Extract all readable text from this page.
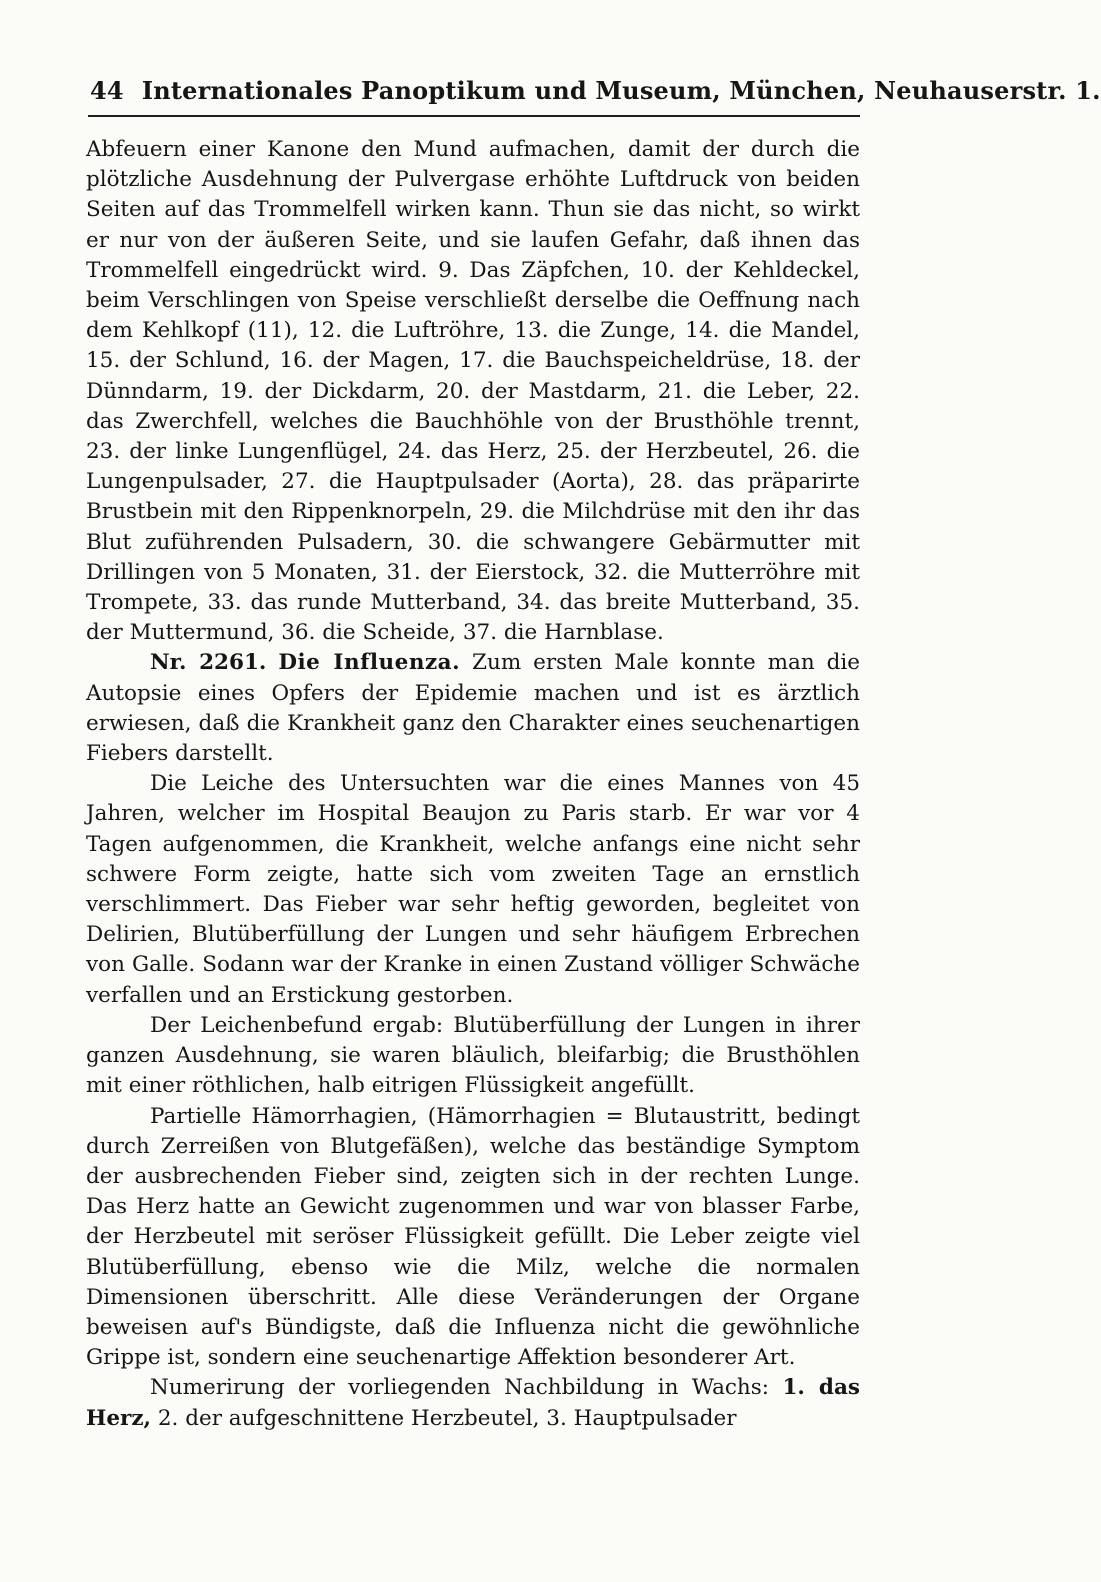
44 Internationales Panoptikum und Museum, München, Neuhauserstr. 1.

Abfeuern einer Kanone den Mund aufmachen, damit der durch die plötzliche Ausdehnung der Pulvergase erhöhte Luftdruck von beiden Seiten auf das Trommelfell wirken kann. Thun sie das nicht, so wirkt er nur von der äußeren Seite, und sie laufen Gefahr, daß ihnen das Trommelfell eingedrückt wird. 9. Das Zäpfchen, 10. der Kehldeckel, beim Verschlingen von Speise verschließt derselbe die Oeffnung nach dem Kehlkopf (11), 12. die Luftröhre, 13. die Zunge, 14. die Mandel, 15. der Schlund, 16. der Magen, 17. die Bauchspeicheldrüse, 18. der Dünndarm, 19. der Dickdarm, 20. der Mastdarm, 21. die Leber, 22. das Zwerchfell, welches die Bauchhöhle von der Brusthöhle trennt, 23. der linke Lungenflügel, 24. das Herz, 25. der Herzbeutel, 26. die Lungenpulsader, 27. die Hauptpulsader (Aorta), 28. das präparirte Brustbein mit den Rippenknorpeln, 29. die Milchdrüse mit den ihr das Blut zuführenden Pulsadern, 30. die schwangere Gebärmutter mit Drillingen von 5 Monaten, 31. der Eierstock, 32. die Mutterröhre mit Trompete, 33. das runde Mutterband, 34. das breite Mutterband, 35. der Muttermund, 36. die Scheide, 37. die Harnblase.

Nr. 2261. Die Influenza. Zum ersten Male konnte man die Autopsie eines Opfers der Epidemie machen und ist es ärztlich erwiesen, daß die Krankheit ganz den Charakter eines seuchenartigen Fiebers darstellt.

Die Leiche des Untersuchten war die eines Mannes von 45 Jahren, welcher im Hospital Beaujon zu Paris starb. Er war vor 4 Tagen aufgenommen, die Krankheit, welche anfangs eine nicht sehr schwere Form zeigte, hatte sich vom zweiten Tage an ernstlich verschlimmert. Das Fieber war sehr heftig geworden, begleitet von Delirien, Blutüberfüllung der Lungen und sehr häufigem Erbrechen von Galle. Sodann war der Kranke in einen Zustand völliger Schwäche verfallen und an Erstickung gestorben.

Der Leichenbefund ergab: Blutüberfüllung der Lungen in ihrer ganzen Ausdehnung, sie waren bläulich, bleifarbig; die Brusthöhlen mit einer röthlichen, halb eitrigen Flüssigkeit angefüllt.

Partielle Hämorrhagien, (Hämorrhagien = Blutaustritt, bedingt durch Zerreißen von Blutgefäßen), welche das beständige Symptom der ausbrechenden Fieber sind, zeigten sich in der rechten Lunge. Das Herz hatte an Gewicht zugenommen und war von blasser Farbe, der Herzbeutel mit seröser Flüssigkeit gefüllt. Die Leber zeigte viel Blutüberfüllung, ebenso wie die Milz, welche die normalen Dimensionen überschritt. Alle diese Veränderungen der Organe beweisen auf's Bündigste, daß die Influenza nicht die gewöhnliche Grippe ist, sondern eine seuchenartige Affektion besonderer Art.

Numerirung der vorliegenden Nachbildung in Wachs: 1. das Herz, 2. der aufgeschnittene Herzbeutel, 3. Hauptpulsader
